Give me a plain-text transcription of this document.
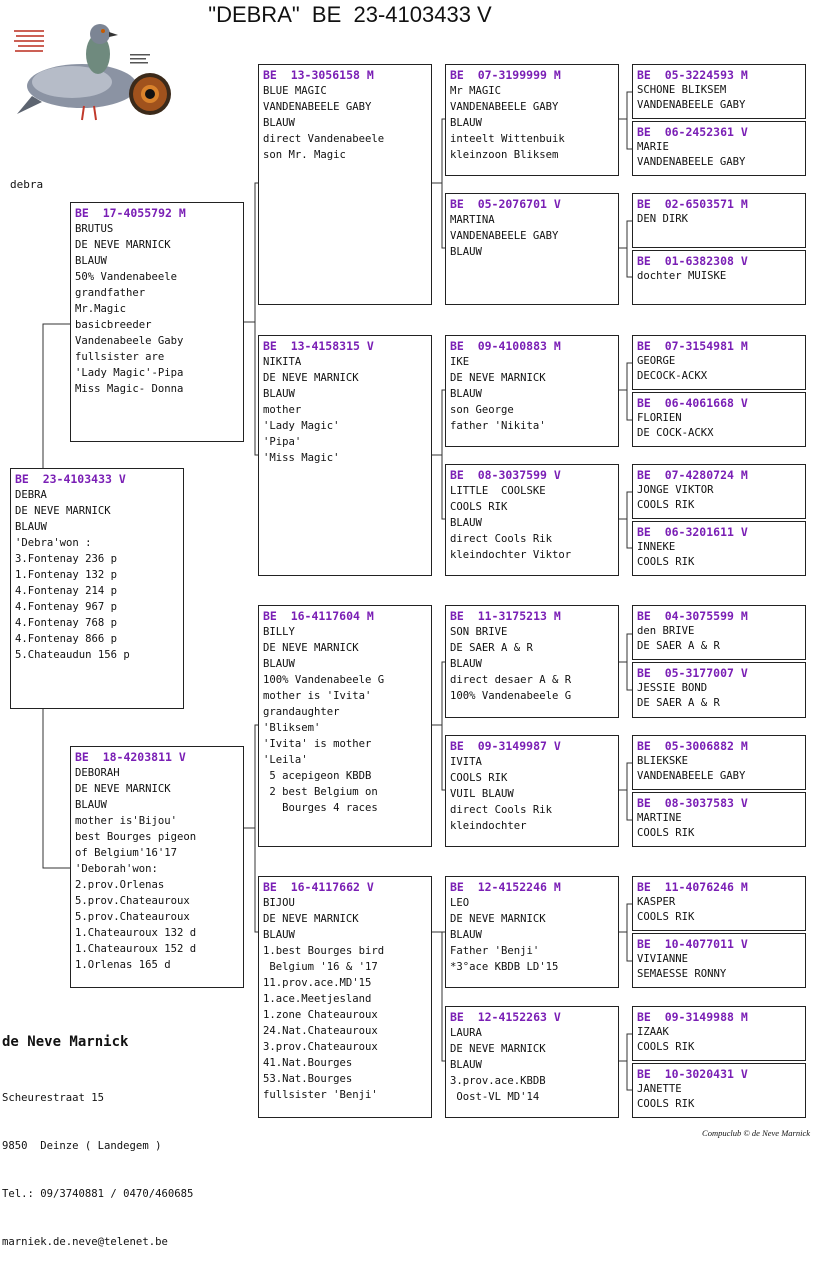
"DEBRA"  BE  23-4103433 V
debra
BE  23-4103433 V
DEBRA
DE NEVE MARNICK
BLAUW
'Debra'won :
3.Fontenay 236 p
1.Fontenay 132 p
4.Fontenay 214 p
4.Fontenay 967 p
4.Fontenay 768 p
4.Fontenay 866 p
5.Chateaudun 156 p
BE  17-4055792 M
BRUTUS
DE NEVE MARNICK
BLAUW
50% Vandenabeele
grandfather
Mr.Magic
basicbreeder
Vandenabeele Gaby
fullsister are
'Lady Magic'-Pipa
Miss Magic- Donna
BE  18-4203811 V
DEBORAH
DE NEVE MARNICK
BLAUW
mother is'Bijou'
best Bourges pigeon
of Belgium'16'17
'Deborah'won:
2.prov.Orlenas
5.prov.Chateauroux
5.prov.Chateauroux
1.Chateauroux 132 d
1.Chateauroux 152 d
1.Orlenas 165 d
BE  13-3056158 M
BLUE MAGIC
VANDENABEELE GABY
BLAUW
direct Vandenabeele
son Mr. Magic
BE  13-4158315 V
NIKITA
DE NEVE MARNICK
BLAUW
mother
'Lady Magic'
'Pipa'
'Miss Magic'
BE  16-4117604 M
BILLY
DE NEVE MARNICK
BLAUW
100% Vandenabeele G
mother is 'Ivita'
grandaughter
'Bliksem'
'Ivita' is mother
'Leila'
5 acepigeon KBDB
2 best Belgium on
Bourges 4 races
BE  16-4117662 V
BIJOU
DE NEVE MARNICK
BLAUW
1.best Bourges bird
Belgium '16 & '17
11.prov.ace.MD'15
1.ace.Meetjesland
1.zone Chateauroux
24.Nat.Chateauroux
3.prov.Chateauroux
41.Nat.Bourges
53.Nat.Bourges
fullsister 'Benji'
BE  07-3199999 M
Mr MAGIC
VANDENABEELE GABY
BLAUW
inteelt Wittenbuik
kleinzoon Bliksem
BE  05-2076701 V
MARTINA
VANDENABEELE GABY
BLAUW
BE  09-4100883 M
IKE
DE NEVE MARNICK
BLAUW
son George
father 'Nikita'
BE  08-3037599 V
LITTLE  COOLSKE
COOLS RIK
BLAUW
direct Cools Rik
kleindochter Viktor
BE  11-3175213 M
SON BRIVE
DE SAER A & R
BLAUW
direct desaer A & R
100% Vandenabeele G
BE  09-3149987 V
IVITA
COOLS RIK
VUIL BLAUW
direct Cools Rik
kleindochter
BE  12-4152246 M
LEO
DE NEVE MARNICK
BLAUW
Father 'Benji'
*3°ace KBDB LD'15
BE  12-4152263 V
LAURA
DE NEVE MARNICK
BLAUW
3.prov.ace.KBDB
Oost-VL MD'14
BE  05-3224593 M
SCHONE BLIKSEM
VANDENABEELE GABY
BE  06-2452361 V
MARIE
VANDENABEELE GABY
BE  02-6503571 M
DEN DIRK
BE  01-6382308 V
dochter MUISKE
BE  07-3154981 M
GEORGE
DECOCK-ACKX
BE  06-4061668 V
FLORIEN
DE COCK-ACKX
BE  07-4280724 M
JONGE VIKTOR
COOLS RIK
BE  06-3201611 V
INNEKE
COOLS RIK
BE  04-3075599 M
den BRIVE
DE SAER A & R
BE  05-3177007 V
JESSIE BOND
DE SAER A & R
BE  05-3006882 M
BLIEKSKE
VANDENABEELE GABY
BE  08-3037583 V
MARTINE
COOLS RIK
BE  11-4076246 M
KASPER
COOLS RIK
BE  10-4077011 V
VIVIANNE
SEMAESSE RONNY
BE  09-3149988 M
IZAAK
COOLS RIK
BE  10-3020431 V
JANETTE
COOLS RIK
de Neve Marnick

Scheurestraat 15

9850  Deinze ( Landegem )

Tel.: 09/3740881 / 0470/460685

marniek.de.neve@telenet.be

Compuclub © de Neve Marnick
